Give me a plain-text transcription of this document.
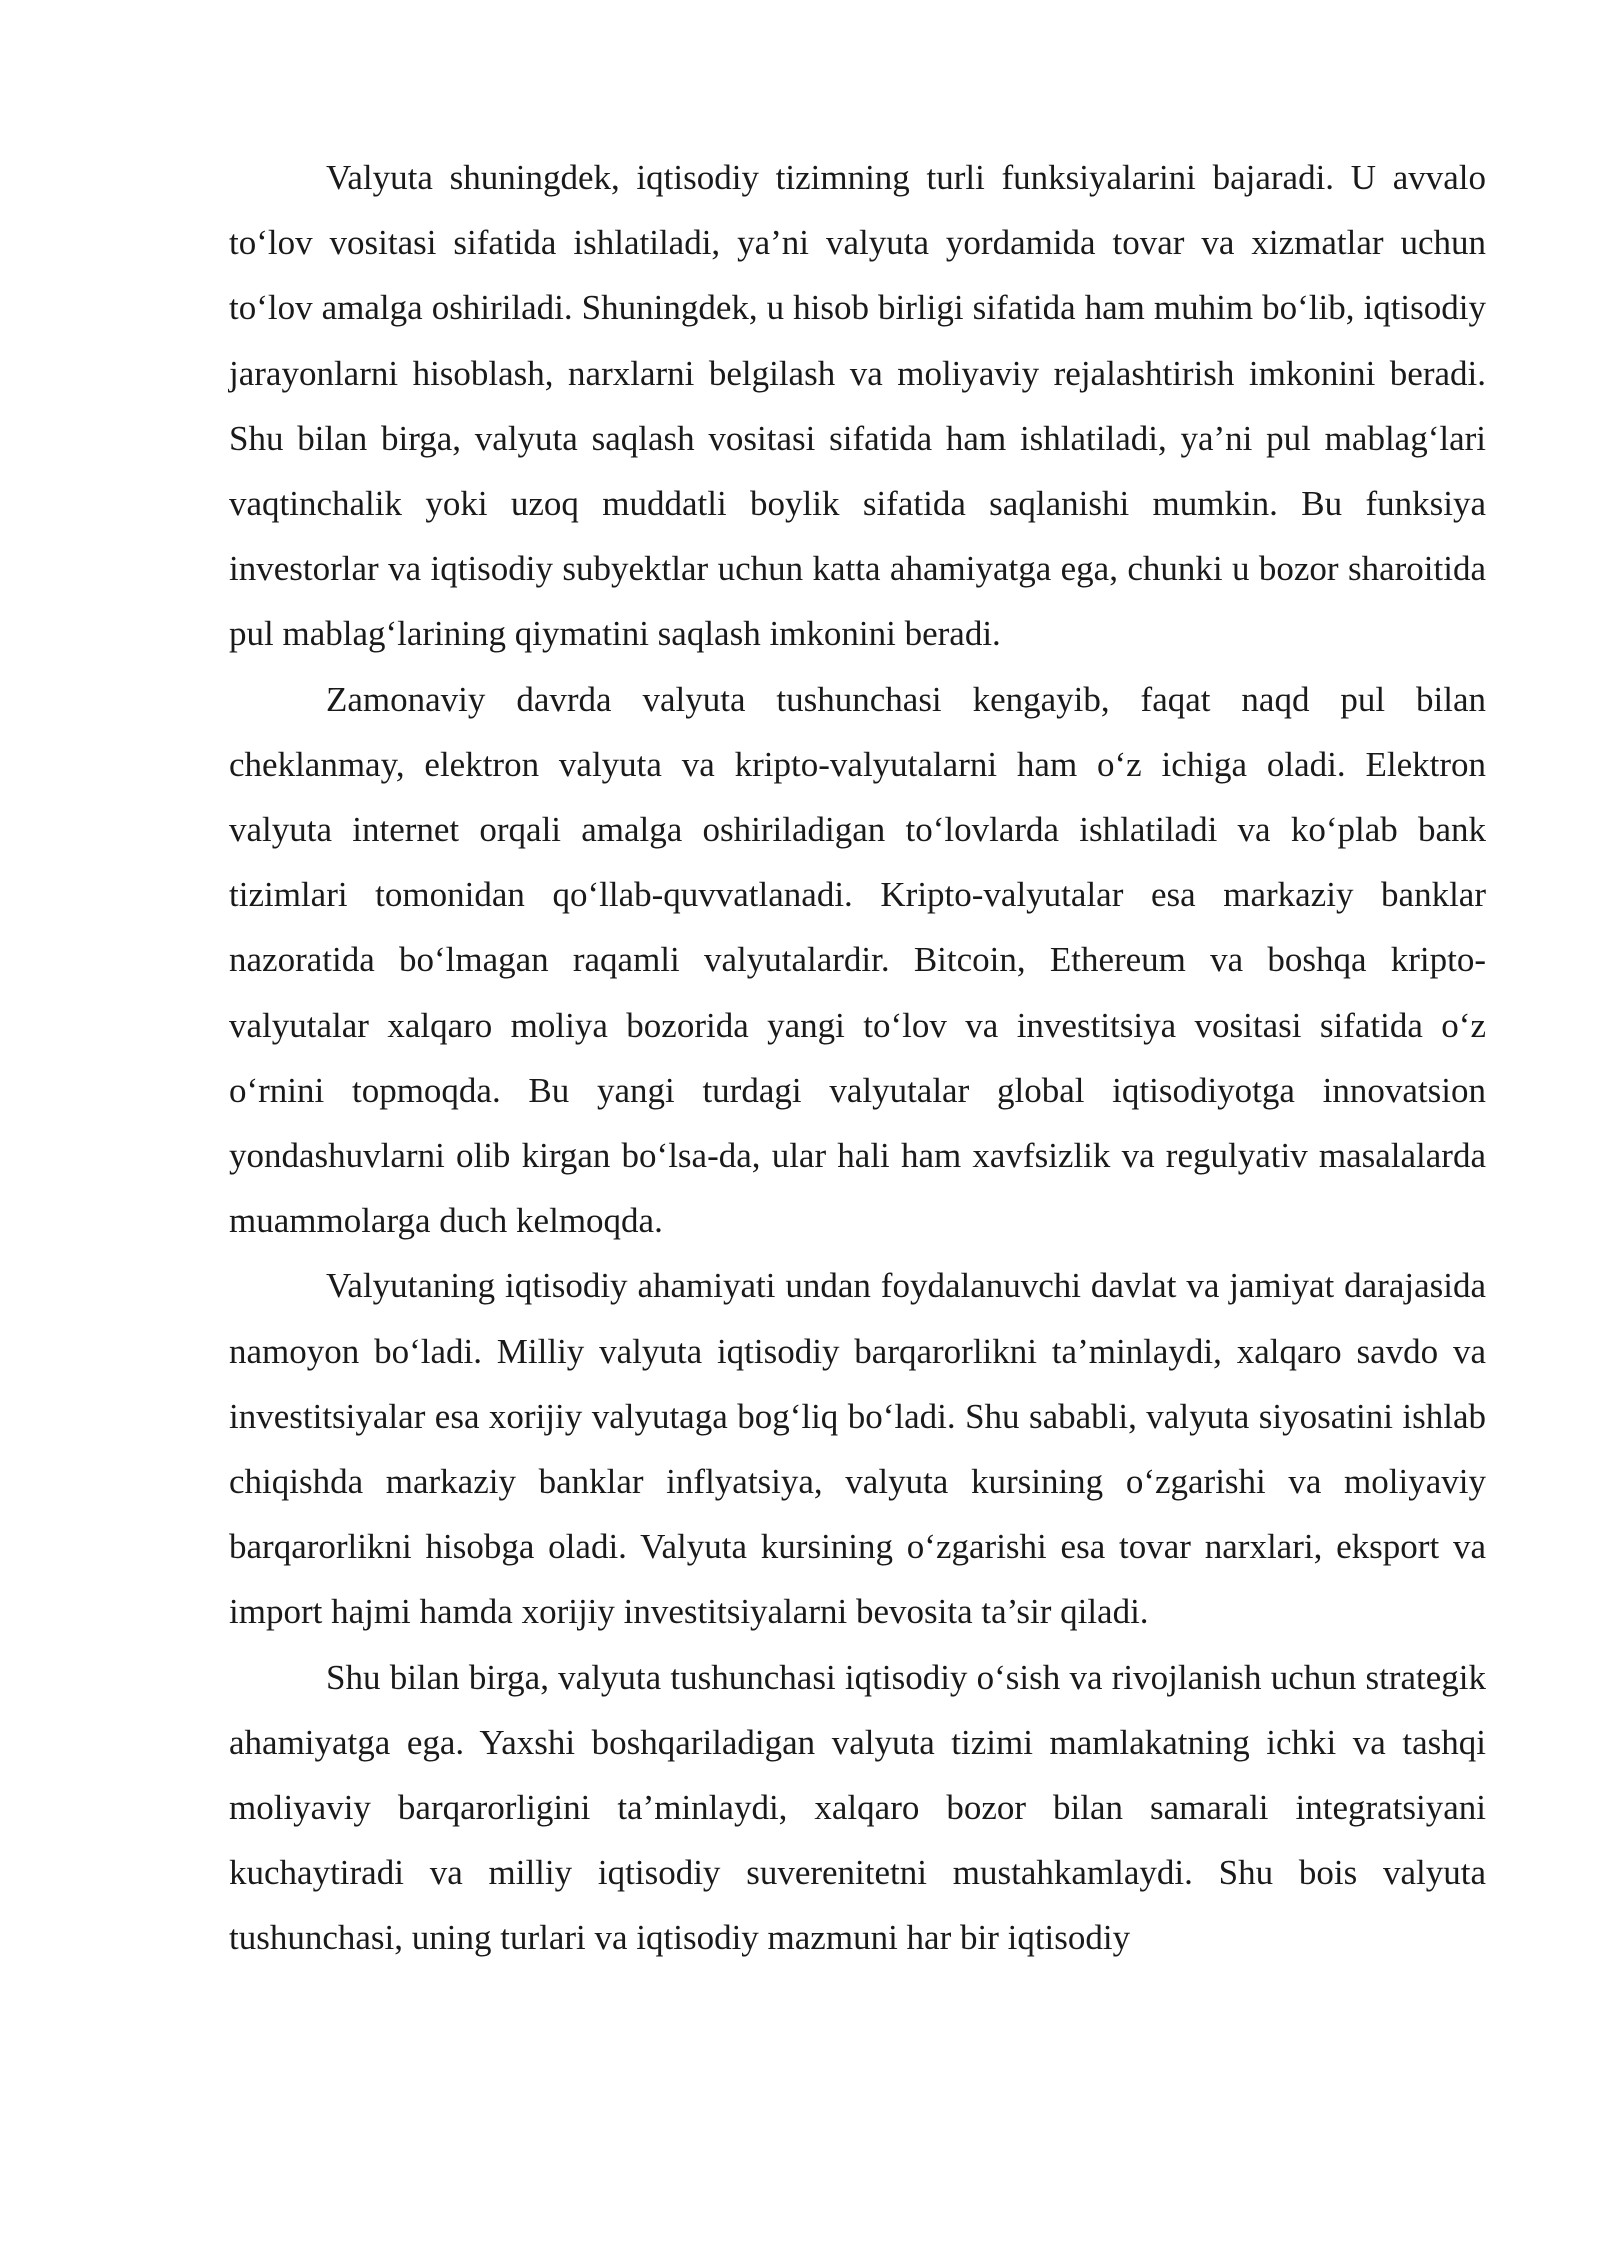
Valyuta shuningdek, iqtisodiy tizimning turli funksiyalarini bajaradi. U avvalo to‘lov vositasi sifatida ishlatiladi, ya’ni valyuta yordamida tovar va xizmatlar uchun to‘lov amalga oshiriladi. Shuningdek, u hisob birligi sifatida ham muhim bo‘lib, iqtisodiy jarayonlarni hisoblash, narxlarni belgilash va moliyaviy rejalashtirish imkonini beradi. Shu bilan birga, valyuta saqlash vositasi sifatida ham ishlatiladi, ya’ni pul mablag‘lari vaqtinchalik yoki uzoq muddatli boylik sifatida saqlanishi mumkin. Bu funksiya investorlar va iqtisodiy subyektlar uchun katta ahamiyatga ega, chunki u bozor sharoitida pul mablag‘larining qiymatini saqlash imkonini beradi.

Zamonaviy davrda valyuta tushunchasi kengayib, faqat naqd pul bilan cheklanmay, elektron valyuta va kripto-valyutalarni ham o‘z ichiga oladi. Elektron valyuta internet orqali amalga oshiriladigan to‘lovlarda ishlatiladi va ko‘plab bank tizimlari tomonidan qo‘llab-quvvatlanadi. Kripto-valyutalar esa markaziy banklar nazoratida bo‘lmagan raqamli valyutalardir. Bitcoin, Ethereum va boshqa kripto-valyutalar xalqaro moliya bozorida yangi to‘lov va investitsiya vositasi sifatida o‘z o‘rnini topmoqda. Bu yangi turdagi valyutalar global iqtisodiyotga innovatsion yondashuvlarni olib kirgan bo‘lsa-da, ular hali ham xavfsizlik va regulyativ masalalarda muammolarga duch kelmoqda.

Valyutaning iqtisodiy ahamiyati undan foydalanuvchi davlat va jamiyat darajasida namoyon bo‘ladi. Milliy valyuta iqtisodiy barqarorlikni ta’minlaydi, xalqaro savdo va investitsiyalar esa xorijiy valyutaga bog‘liq bo‘ladi. Shu sababli, valyuta siyosatini ishlab chiqishda markaziy banklar inflyatsiya, valyuta kursining o‘zgarishi va moliyaviy barqarorlikni hisobga oladi. Valyuta kursining o‘zgarishi esa tovar narxlari, eksport va import hajmi hamda xorijiy investitsiyalarni bevosita ta’sir qiladi.

Shu bilan birga, valyuta tushunchasi iqtisodiy o‘sish va rivojlanish uchun strategik ahamiyatga ega. Yaxshi boshqariladigan valyuta tizimi mamlakatning ichki va tashqi moliyaviy barqarorligini ta’minlaydi, xalqaro bozor bilan samarali integratsiyani kuchaytiradi va milliy iqtisodiy suverenitetni mustahkamlaydi. Shu bois valyuta tushunchasi, uning turlari va iqtisodiy mazmuni har bir iqtisodiy
